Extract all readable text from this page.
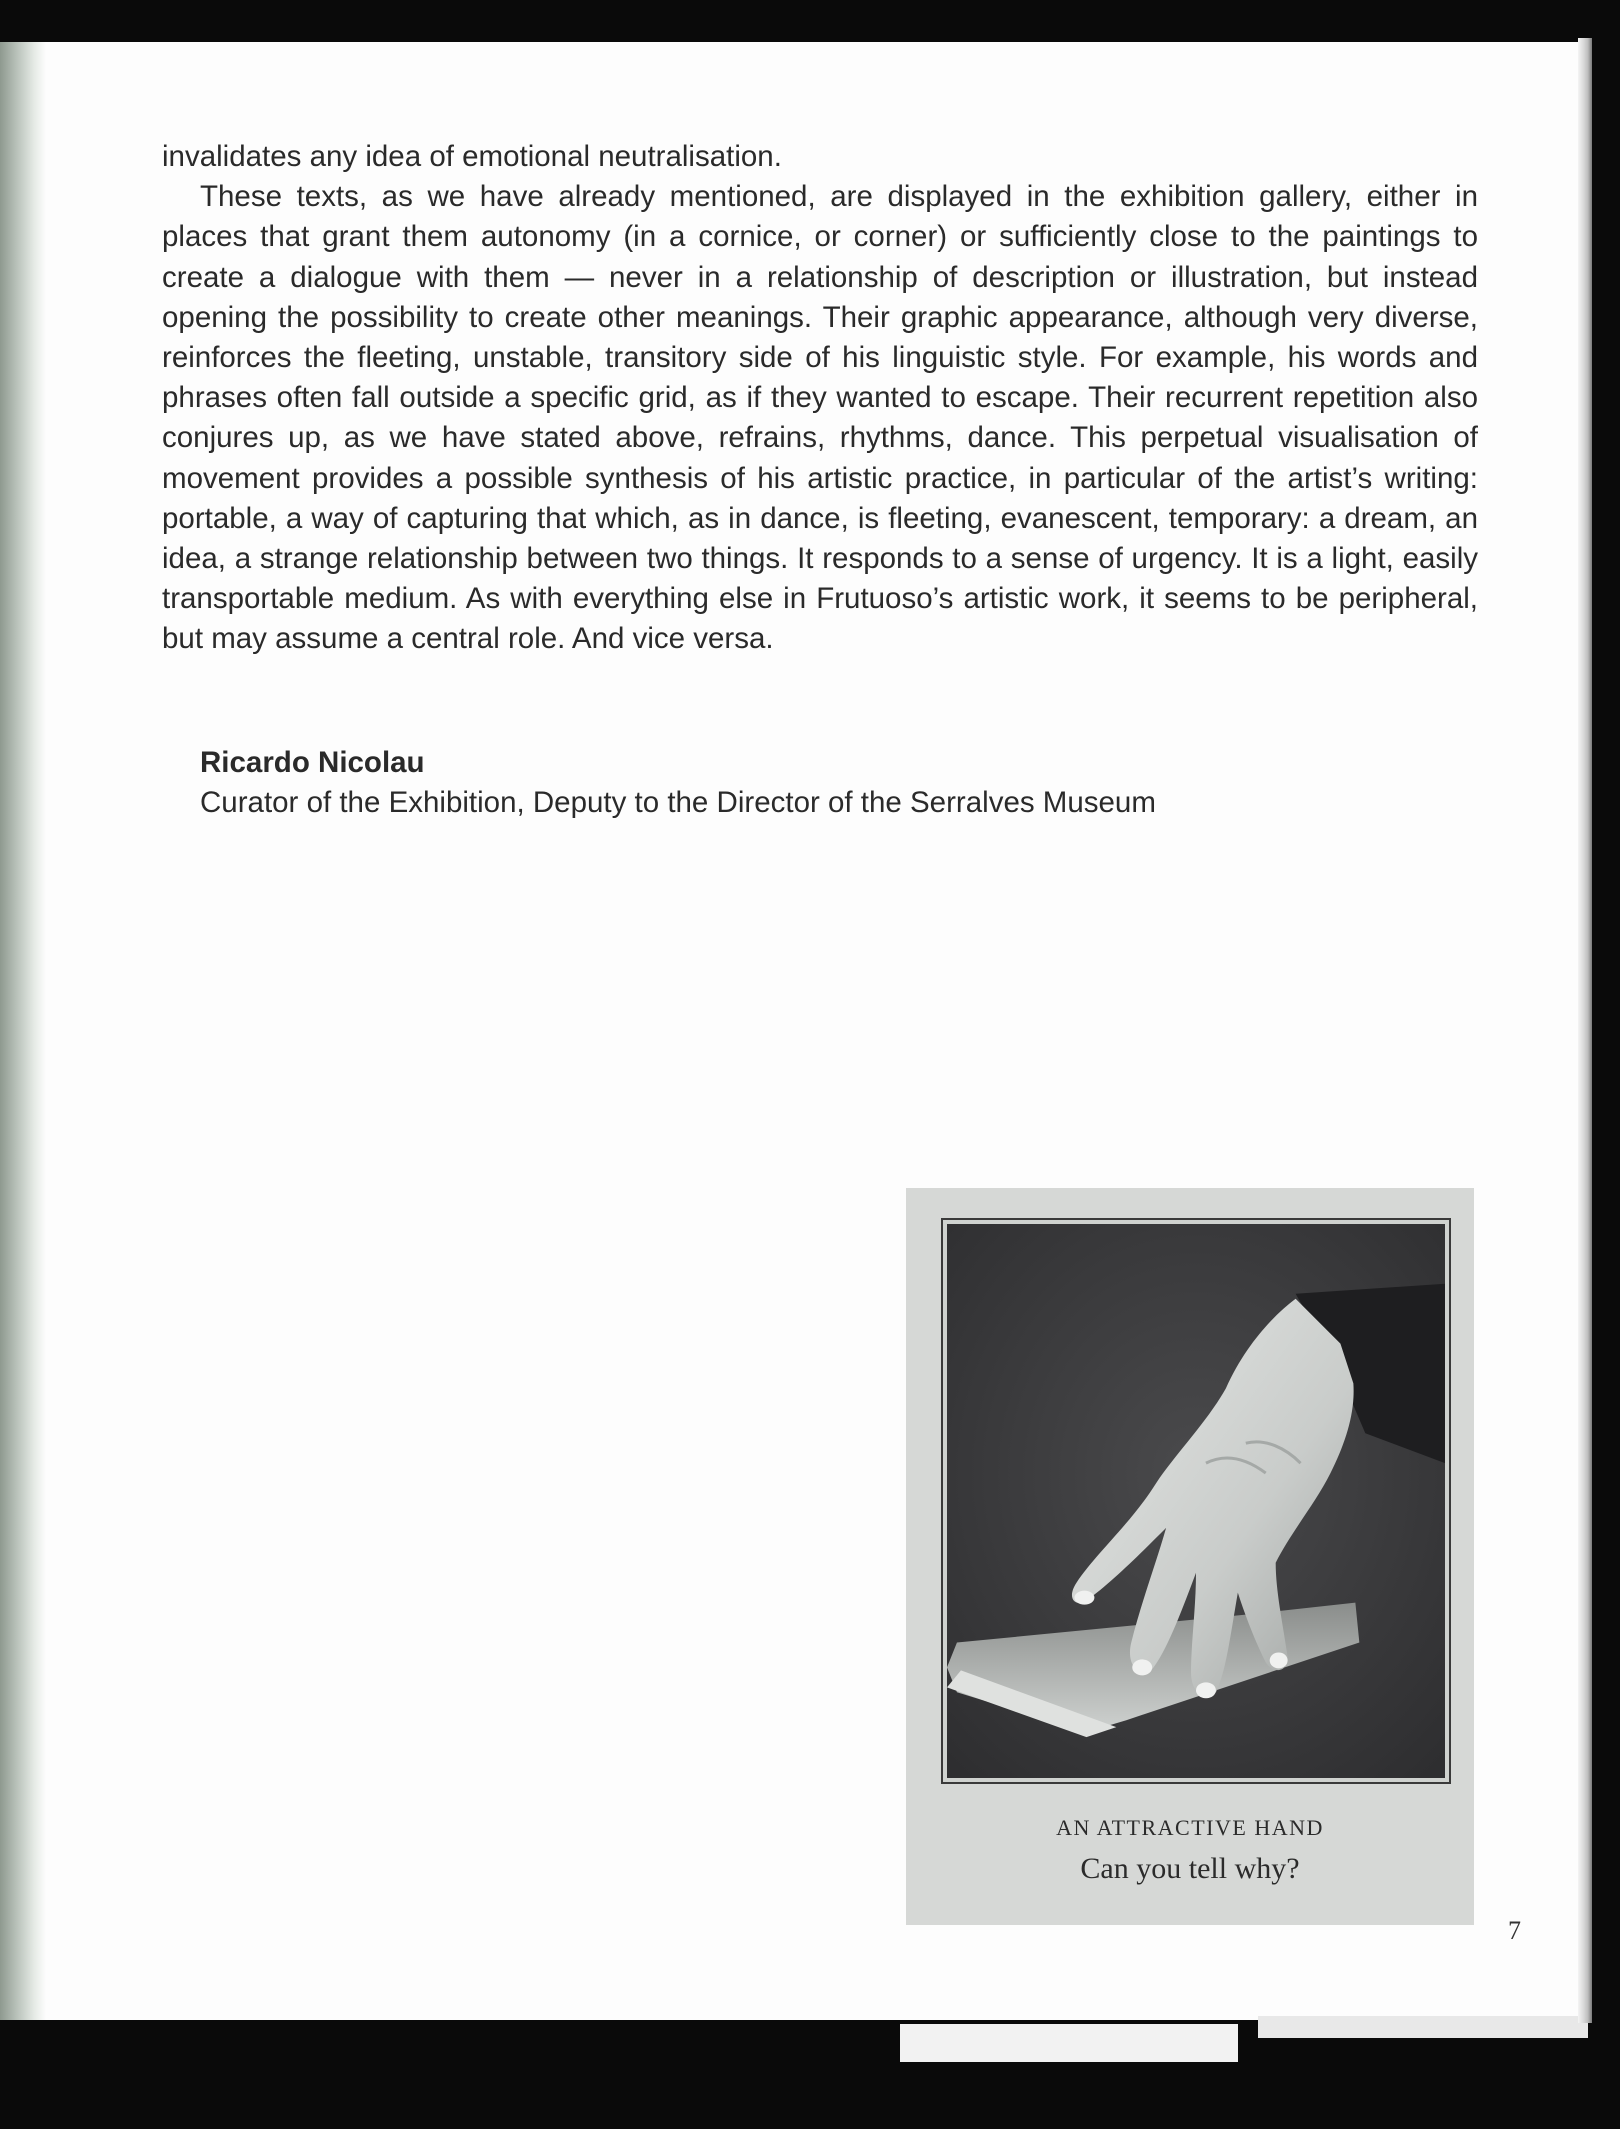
invalidates any idea of emotional neutralisation.

These texts, as we have already mentioned, are displayed in the exhibition gallery, either in places that grant them autonomy (in a cornice, or corner) or sufficiently close to the paintings to create a dialogue with them — never in a relationship of description or illustration, but instead opening the possibility to create other meanings. Their graphic appearance, although very diverse, reinforces the fleeting, unstable, transitory side of his linguistic style. For example, his words and phrases often fall outside a specific grid, as if they wanted to escape. Their recurrent repetition also conjures up, as we have stated above, refrains, rhythms, dance. This perpetual visualisation of movement provides a possible synthesis of his artistic practice, in particular of the artist’s writing: portable, a way of capturing that which, as in dance, is fleeting, evanescent, temporary: a dream, an idea, a strange relationship between two things. It responds to a sense of urgency. It is a light, easily transportable medium. As with everything else in Frutuoso’s artistic work, it seems to be peripheral, but may assume a central role. And vice versa.

Ricardo Nicolau
Curator of the Exhibition, Deputy to the Director of the Serralves Museum
AN ATTRACTIVE HAND
Can you tell why?
7
